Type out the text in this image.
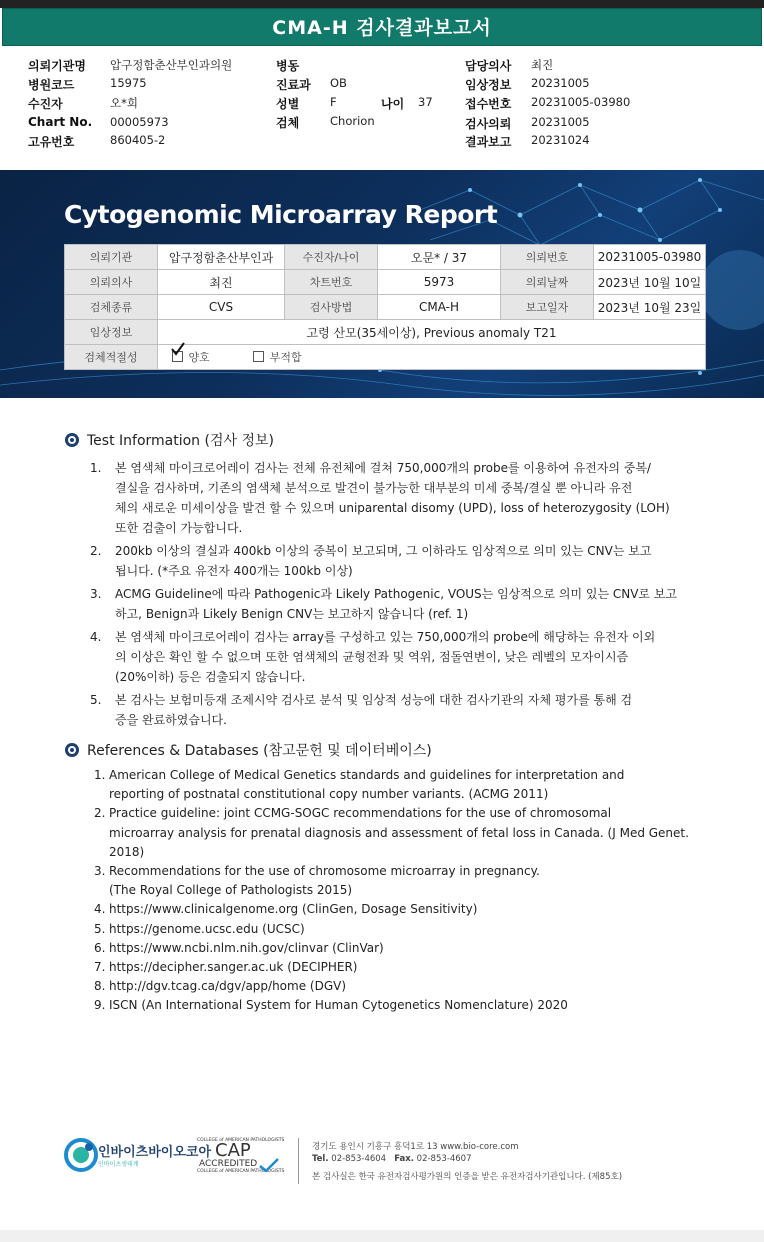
CMA-H 검사결과보고서
의뢰기관명 압구정함춘산부인과의원
병원코드	15975
수진자	오*희
Chart No. 00005973
고유번호	860405-2
병동
진료과 OB
성별	F	나이 37
검체	Chorion
담당의사 최진
임상정보 20231005
접수번호 20231005-03980
검사의뢰 20231005
결과보고 20231024
Cytogenomic Microarray Report
의뢰기관	압구정함춘산부인과	수진자/나이	오문* / 37	의뢰번호	20231005-03980
의뢰의사	최진	차트번호	5973	의뢰날짜	2023년 10월 10일
검체종류	CVS	검사방법	CMA-H	보고일자	2023년 10월 23일
임상정보	고령 산모(35세이상), Previous anomaly T21				
검체적절성	양호 부적합				
Test Information (검사 정보)
1. 본 염색체 마이크로어레이 검사는 전체 유전체에 걸쳐 750,000개의 probe를 이용하여 유전자의 중복/
결실을 검사하며, 기존의 염색체 분석으로 발견이 불가능한 대부분의 미세 중복/결실 뿐 아니라 유전
체의 새로운 미세이상을 발견 할 수 있으며 uniparental disomy (UPD), loss of heterozygosity (LOH)
또한 검출이 가능합니다.
2. 200kb 이상의 결실과 400kb 이상의 중복이 보고되며, 그 이하라도 임상적으로 의미 있는 CNV는 보고
됩니다. (*주요 유전자 400개는 100kb 이상)
3. ACMG Guideline에 따라 Pathogenic과 Likely Pathogenic, VOUS는 임상적으로 의미 있는 CNV로 보고
하고, Benign과 Likely Benign CNV는 보고하지 않습니다 (ref. 1)
4. 본 염색체 마이크로어레이 검사는 array를 구성하고 있는 750,000개의 probe에 해당하는 유전자 이외
의 이상은 확인 할 수 없으며 또한 염색체의 균형전좌 및 역위, 점돌연변이, 낮은 레벨의 모자이시즘
(20%이하) 등은 검출되지 않습니다.
5. 본 검사는 보험미등재 조제시약 검사로 분석 및 임상적 성능에 대한 검사기관의 자체 평가를 통해 검
증을 완료하였습니다.
References & Databases (참고문헌 및 데이터베이스)
1. American College of Medical Genetics standards and guidelines for interpretation and
reporting of postnatal constitutional copy number variants. (ACMG 2011)
2. Practice guideline: joint CCMG-SOGC recommendations for the use of chromosomal
microarray analysis for prenatal diagnosis and assessment of fetal loss in Canada. (J Med Genet. 2018)
3. Recommendations for the use of chromosome microarray in pregnancy.
(The Royal College of Pathologists 2015)
4. https://www.clinicalgenome.org (ClinGen, Dosage Sensitivity)
5. https://genome.ucsc.edu (UCSC)
6. https://www.ncbi.nlm.nih.gov/clinvar (ClinVar)
7. https://decipher.sanger.ac.uk (DECIPHER)
8. http://dgv.tcag.ca/dgv/app/home (DGV)
9. ISCN (An International System for Human Cytogenetics Nomenclature) 2020
인바이츠바이오코아
인바이츠생태계
COLLEGE of AMERICAN PATHOLOGISTS
CAP
ACCREDITED
COLLEGE of AMERICAN PATHOLOGISTS
경기도 용인시 기흥구 흥덕1로 13 www.bio-core.com
Tel. 02-853-4604 Fax. 02-853-4607
본 검사실은 한국 유전자검사평가원의 인증을 받은 유전자검사기관입니다. (제85호)
